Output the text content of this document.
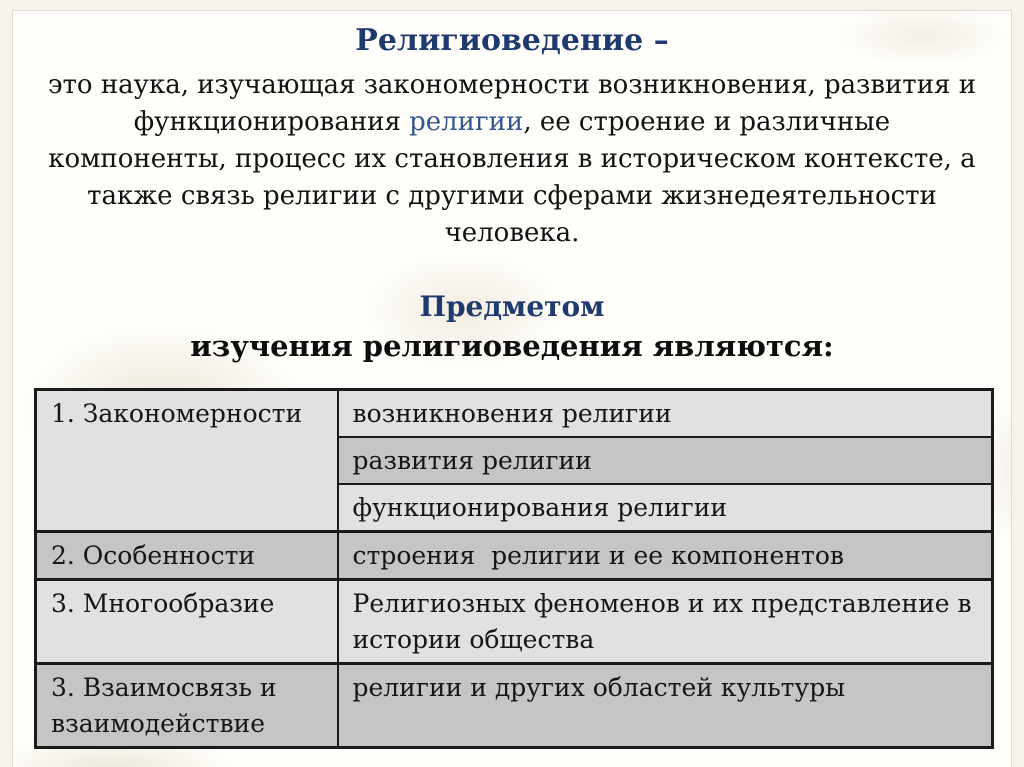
Религиоведение –
это наука, изучающая закономерности возникновения, развития и
функционирования религии, ее строение и различные
компоненты, процесс их становления в историческом контексте, а
также связь религии с другими сферами жизнедеятельности
человека.
Предметом
изучения религиоведения являются:
1. Закономерности	возникновения религии
	развития религии
	функционирования религии
2. Особенности	строения  религии и ее компонентов
3. Многообразие	Религиозных феноменов и их представление в истории общества
3. Взаимосвязь и взаимодействие	религии и других областей культуры
